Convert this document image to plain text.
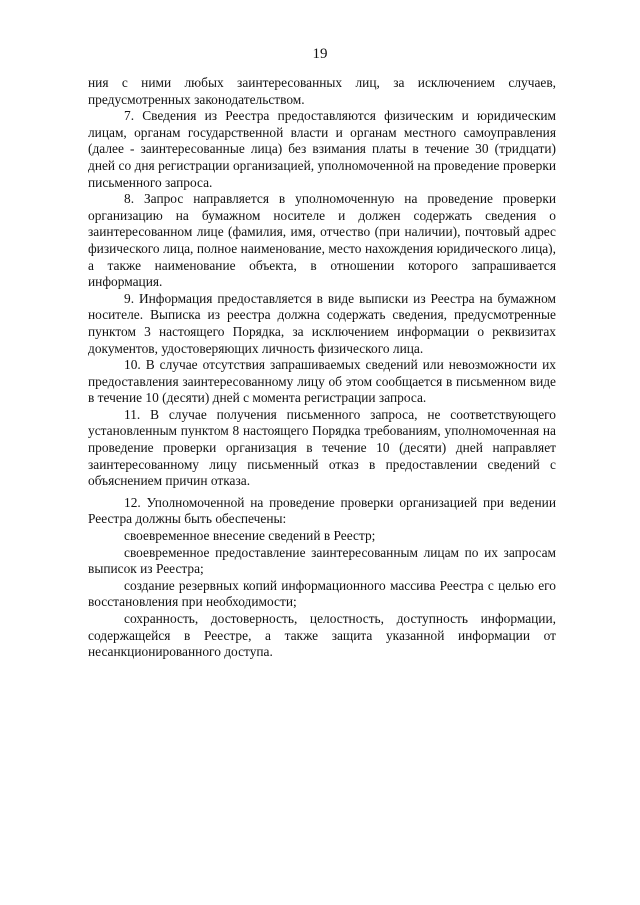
19

ния с ними любых заинтересованных лиц, за исключением случаев, предусмотренных законодательством.

7. Сведения из Реестра предоставляются физическим и юридическим лицам, органам государственной власти и органам местного самоуправления (далее - заинтересованные лица) без взимания платы в течение 30 (тридцати) дней со дня регистрации организацией, уполномоченной на проведение проверки письменного запроса.

8. Запрос направляется в уполномоченную на проведение проверки организацию на бумажном носителе и должен содержать сведения о заинтересованном лице (фамилия, имя, отчество (при наличии), почтовый адрес физического лица, полное наименование, место нахождения юридического лица), а также наименование объекта, в отношении которого запрашивается информация.

9. Информация предоставляется в виде выписки из Реестра на бумажном носителе. Выписка из реестра должна содержать сведения, предусмотренные пунктом 3 настоящего Порядка, за исключением информации о реквизитах документов, удостоверяющих личность физического лица.

10. В случае отсутствия запрашиваемых сведений или невозможности их предоставления заинтересованному лицу об этом сообщается в письменном виде в течение 10 (десяти) дней с момента регистрации запроса.

11. В случае получения письменного запроса, не соответствующего установленным пунктом 8 настоящего Порядка требованиям, уполномоченная на проведение проверки организация в течение 10 (десяти) дней направляет заинтересованному лицу письменный отказ в предоставлении сведений с объяснением причин отказа.

12. Уполномоченной на проведение проверки организацией при ведении Реестра должны быть обеспечены:

своевременное внесение сведений в Реестр;

своевременное предоставление заинтересованным лицам по их запросам выписок из Реестра;

создание резервных копий информационного массива Реестра с целью его восстановления при необходимости;

сохранность, достоверность, целостность, доступность информации, содержащейся в Реестре, а также защита указанной информации от несанкционированного доступа.
